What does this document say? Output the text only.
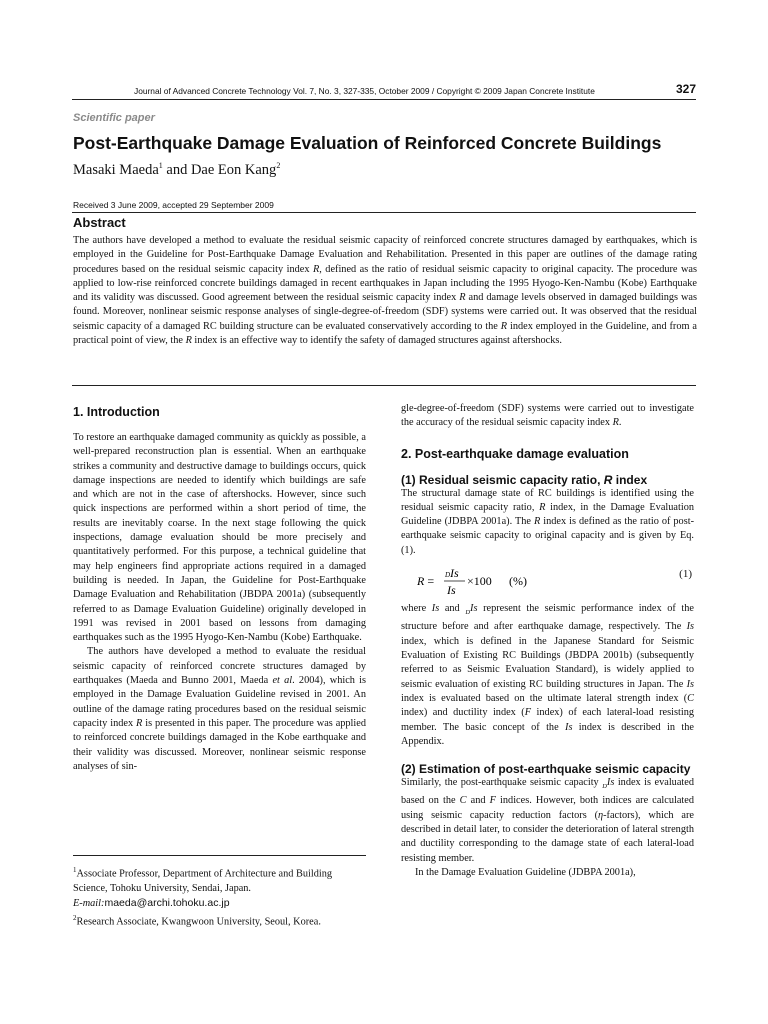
Journal of Advanced Concrete Technology Vol. 7, No. 3, 327-335, October 2009 / Copyright © 2009 Japan Concrete Institute	327
Scientific paper
Post-Earthquake Damage Evaluation of Reinforced Concrete Buildings
Masaki Maeda$^1$ and Dae Eon Kang$^2$
Received 3 June 2009, accepted 29 September 2009
Abstract

The authors have developed a method to evaluate the residual seismic capacity of reinforced concrete structures damaged by earthquakes, which is employed in the Guideline for Post-Earthquake Damage Evaluation and Rehabilitation. Presented in this paper are outlines of the damage rating procedures based on the residual seismic capacity index R, defined as the ratio of residual seismic capacity to original capacity. The procedure was applied to low-rise reinforced concrete buildings damaged in recent earthquakes in Japan including the 1995 Hyogo-Ken-Nambu (Kobe) Earthquake and its validity was discussed. Good agreement between the residual seismic capacity index R and damage levels observed in damaged buildings was found. Moreover, nonlinear seismic response analyses of single-degree-of-freedom (SDF) systems were carried out. It was observed that the residual seismic capacity of a damaged RC building structure can be evaluated conservatively according to the R index employed in the Guideline, and from a practical point of view, the R index is an effective way to identify the safety of damaged structures against aftershocks.

1. Introduction

To restore an earthquake damaged community as quickly as possible, a well-prepared reconstruction plan is essential. When an earthquake strikes a community and destructive damage to buildings occurs, quick damage inspections are needed to identify which buildings are safe and which are not in the case of aftershocks. However, since such quick inspections are performed within a short period of time, the results are inevitably coarse. In the next stage following the quick inspections, damage evaluation should be more precisely and quantitatively performed. For this purpose, a technical guideline that may help engineers find appropriate actions required in a damaged building is needed. In Japan, the Guideline for Post-Earthquake Damage Evaluation and Rehabilitation (JBDPA 2001a) (subsequently referred to as Damage Evaluation Guideline) originally developed in 1991 was revised in 2001 based on lessons from damaging earthquakes such as the 1995 Hyogo-Ken-Nambu (Kobe) Earthquake.

The authors have developed a method to evaluate the residual seismic capacity of reinforced concrete structures damaged by earthquakes (Maeda and Bunno 2001, Maeda et al. 2004), which is employed in the Damage Evaluation Guideline revised in 2001. An outline of the damage rating procedures based on the residual seismic capacity index R is presented in this paper. The procedure was applied to reinforced concrete buildings damaged in the Kobe earthquake and their validity was discussed. Moreover, nonlinear seismic response analyses of sin-

$^1$Associate Professor, Department of Architecture and Building Science, Tohoku University, Sendai, Japan.

E-mail:maeda@archi.tohoku.ac.jp

$^2$Research Associate, Kwangwoon University, Seoul, Korea.

gle-degree-of-freedom (SDF) systems were carried out to investigate the accuracy of the residual seismic capacity index R.

2. Post-earthquake damage evaluation
(1) Residual seismic capacity ratio, R index

The structural damage state of RC buildings is identified using the residual seismic capacity ratio, R index, in the Damage Evaluation Guideline (JDBPA 2001a). The R index is defined as the ratio of post-earthquake seismic capacity to original capacity and is given by Eq. (1).

R = D Is
Is
×100 (%)	(1)

where Is and $_D$Is represent the seismic performance index of the structure before and after earthquake damage, respectively. The Is index, which is defined in the Japanese Standard for Seismic Evaluation of Existing RC Buildings (JBDPA 2001b) (subsequently referred to as Seismic Evaluation Standard), is widely applied to seismic evaluation of existing RC building structures in Japan. The Is index is evaluated based on the ultimate lateral strength index (C index) and ductility index (F index) of each lateral-load resisting member. The basic concept of the Is index is described in the Appendix.

(2) Estimation of post-earthquake seismic capacity

Similarly, the post-earthquake seismic capacity $_D$Is index is evaluated based on the C and F indices. However, both indices are calculated using seismic capacity reduction factors (η-factors), which are described in detail later, to consider the deterioration of lateral strength and ductility corresponding to the damage state of each lateral-load resisting member.

In the Damage Evaluation Guideline (JDBPA 2001a),
